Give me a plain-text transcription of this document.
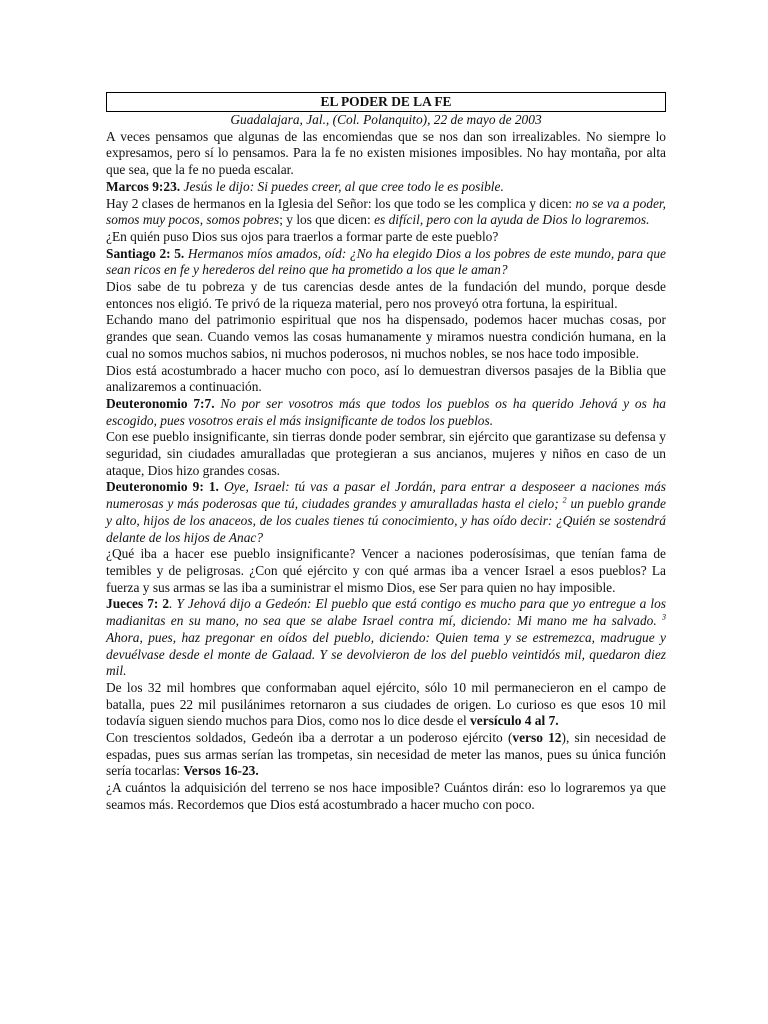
EL PODER DE LA FE
Guadalajara, Jal., (Col. Polanquito), 22 de mayo de 2003

A veces pensamos que algunas de las encomiendas que se nos dan son irrealizables. No siempre lo expresamos, pero sí lo pensamos. Para la fe no existen misiones imposibles. No hay montaña, por alta que sea, que la fe no pueda escalar.

Marcos 9:23. Jesús le dijo: Si puedes creer, al que cree todo le es posible.

Hay 2 clases de hermanos en la Iglesia del Señor: los que todo se les complica y dicen: no se va a poder, somos muy pocos, somos pobres; y los que dicen: es difícil, pero con la ayuda de Dios lo lograremos.

¿En quién puso Dios sus ojos para traerlos a formar parte de este pueblo?

Santiago 2: 5. Hermanos míos amados, oíd: ¿No ha elegido Dios a los pobres de este mundo, para que sean ricos en fe y herederos del reino que ha prometido a los que le aman?

Dios sabe de tu pobreza y de tus carencias desde antes de la fundación del mundo, porque desde entonces nos eligió. Te privó de la riqueza material, pero nos proveyó otra fortuna, la espiritual.

Echando mano del patrimonio espiritual que nos ha dispensado, podemos hacer muchas cosas, por grandes que sean. Cuando vemos las cosas humanamente y miramos nuestra condición humana, en la cual no somos muchos sabios, ni muchos poderosos, ni muchos nobles, se nos hace todo imposible.

Dios está acostumbrado a hacer mucho con poco, así lo demuestran diversos pasajes de la Biblia que analizaremos a continuación.

Deuteronomio 7:7. No por ser vosotros más que todos los pueblos os ha querido Jehová y os ha escogido, pues vosotros erais el más insignificante de todos los pueblos.

Con ese pueblo insignificante, sin tierras donde poder sembrar, sin ejército que garantizase su defensa y seguridad, sin ciudades amuralladas que protegieran a sus ancianos, mujeres y niños en caso de un ataque, Dios hizo grandes cosas.

Deuteronomio 9: 1. Oye, Israel: tú vas a pasar el Jordán, para entrar a desposeer a naciones más numerosas y más poderosas que tú, ciudades grandes y amuralladas hasta el cielo; $^2$ un pueblo grande y alto, hijos de los anaceos, de los cuales tienes tú conocimiento, y has oído decir: ¿Quién se sostendrá delante de los hijos de Anac?

¿Qué iba a hacer ese pueblo insignificante? Vencer a naciones poderosísimas, que tenían fama de temibles y de peligrosas. ¿Con qué ejército y con qué armas iba a vencer Israel a esos pueblos? La fuerza y sus armas se las iba a suministrar el mismo Dios, ese Ser para quien no hay imposible.

Jueces 7: 2. Y Jehová dijo a Gedeón: El pueblo que está contigo es mucho para que yo entregue a los madianitas en su mano, no sea que se alabe Israel contra mí, diciendo: Mi mano me ha salvado. $^3$ Ahora, pues, haz pregonar en oídos del pueblo, diciendo: Quien tema y se estremezca, madrugue y devuélvase desde el monte de Galaad. Y se devolvieron de los del pueblo veintidós mil, quedaron diez mil.

De los 32 mil hombres que conformaban aquel ejército, sólo 10 mil permanecieron en el campo de batalla, pues 22 mil pusilánimes retornaron a sus ciudades de origen. Lo curioso es que esos 10 mil todavía siguen siendo muchos para Dios, como nos lo dice desde el versículo 4 al 7.

Con trescientos soldados, Gedeón iba a derrotar a un poderoso ejército (verso 12), sin necesidad de espadas, pues sus armas serían las trompetas, sin necesidad de meter las manos, pues su única función sería tocarlas: Versos 16-23.

¿A cuántos la adquisición del terreno se nos hace imposible? Cuántos dirán: eso lo lograremos ya que seamos más. Recordemos que Dios está acostumbrado a hacer mucho con poco.
